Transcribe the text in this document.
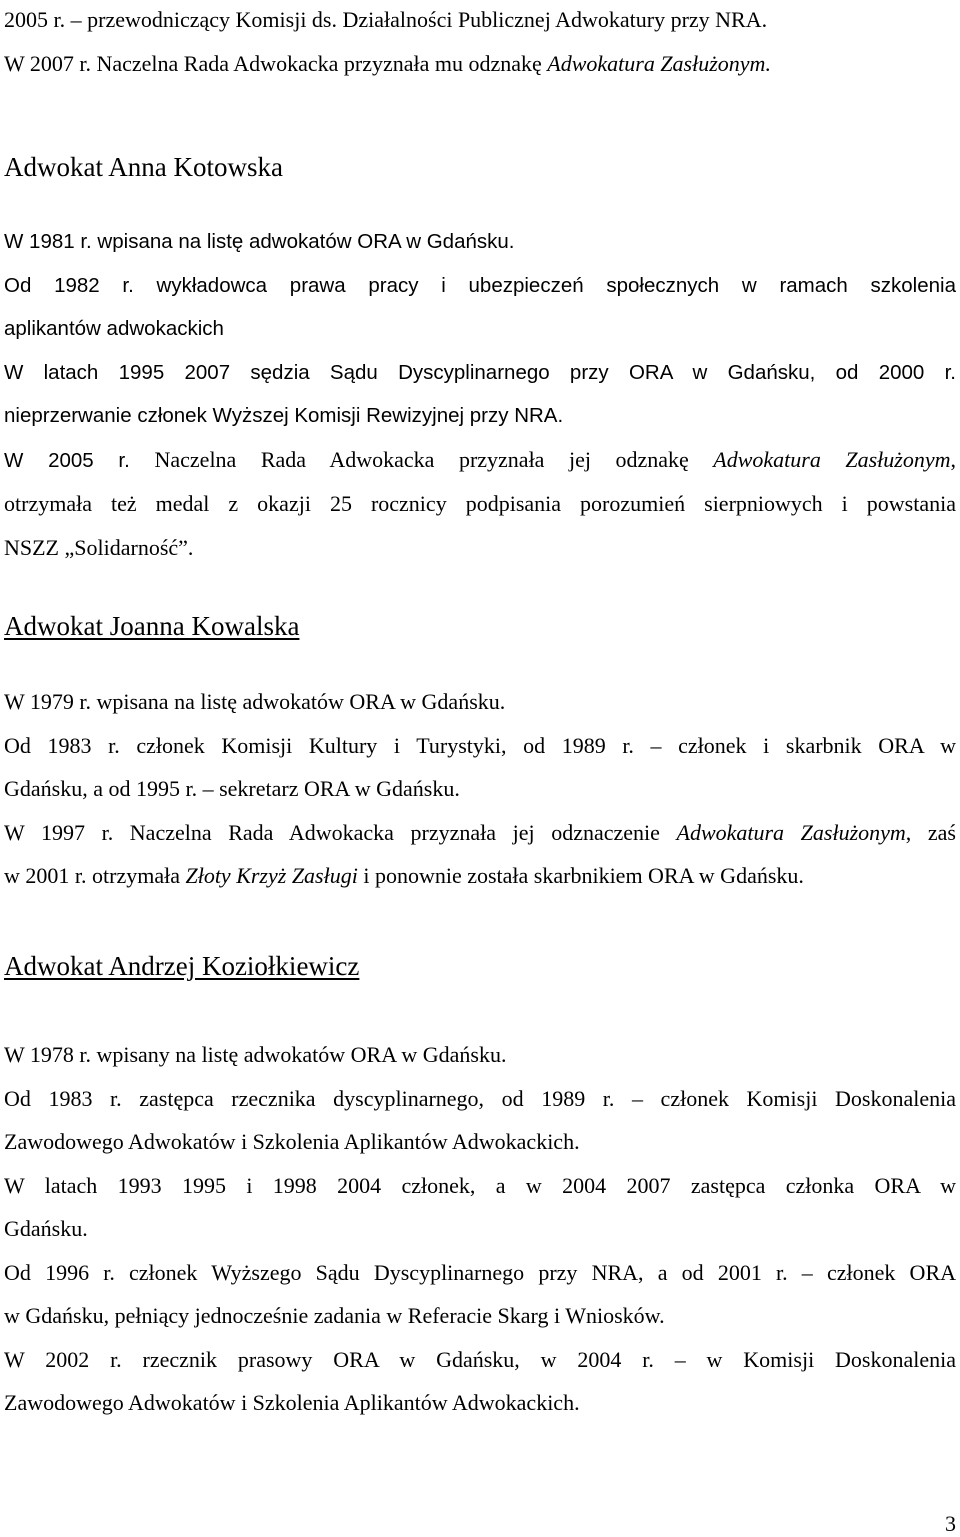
2005 r. – przewodniczący Komisji ds. Działalności Publicznej Adwokatury przy NRA.
W 2007 r. Naczelna Rada Adwokacka przyznała mu odznakę Adwokatura Zasłużonym.
Adwokat Anna Kotowska
W 1981 r. wpisana na listę adwokatów ORA w Gdańsku.
Od 1982 r. wykładowca prawa pracy i ubezpieczeń społecznych w ramach szkolenia
aplikantów adwokackich
W latach 1995 2007 sędzia Sądu Dyscyplinarnego przy ORA w Gdańsku, od 2000 r.
nieprzerwanie członek Wyższej Komisji Rewizyjnej przy NRA.
W 2005 r. Naczelna Rada Adwokacka przyznała jej odznakę Adwokatura Zasłużonym,
otrzymała też medal z okazji 25 rocznicy podpisania porozumień sierpniowych i powstania
NSZZ „Solidarność”.
Adwokat Joanna Kowalska
W 1979 r. wpisana na listę adwokatów ORA w Gdańsku.
Od 1983 r. członek Komisji Kultury i Turystyki, od 1989 r. – członek i skarbnik ORA w
Gdańsku, a od 1995 r. – sekretarz ORA w Gdańsku.
W 1997 r. Naczelna Rada Adwokacka przyznała jej odznaczenie Adwokatura Zasłużonym, zaś
w 2001 r. otrzymała Złoty Krzyż Zasługi i ponownie została skarbnikiem ORA w Gdańsku.
Adwokat Andrzej Koziołkiewicz
W 1978 r. wpisany na listę adwokatów ORA w Gdańsku.
Od 1983 r. zastępca rzecznika dyscyplinarnego, od 1989 r. – członek Komisji Doskonalenia
Zawodowego Adwokatów i Szkolenia Aplikantów Adwokackich.
W latach 1993 1995 i 1998 2004 członek, a w 2004 2007 zastępca członka ORA w
Gdańsku.
Od 1996 r. członek Wyższego Sądu Dyscyplinarnego przy NRA, a od 2001 r. – członek ORA
w Gdańsku, pełniący jednocześnie zadania w Referacie Skarg i Wniosków.
W 2002 r. rzecznik prasowy ORA w Gdańsku, w 2004 r. – w Komisji Doskonalenia
Zawodowego Adwokatów i Szkolenia Aplikantów Adwokackich.
3
